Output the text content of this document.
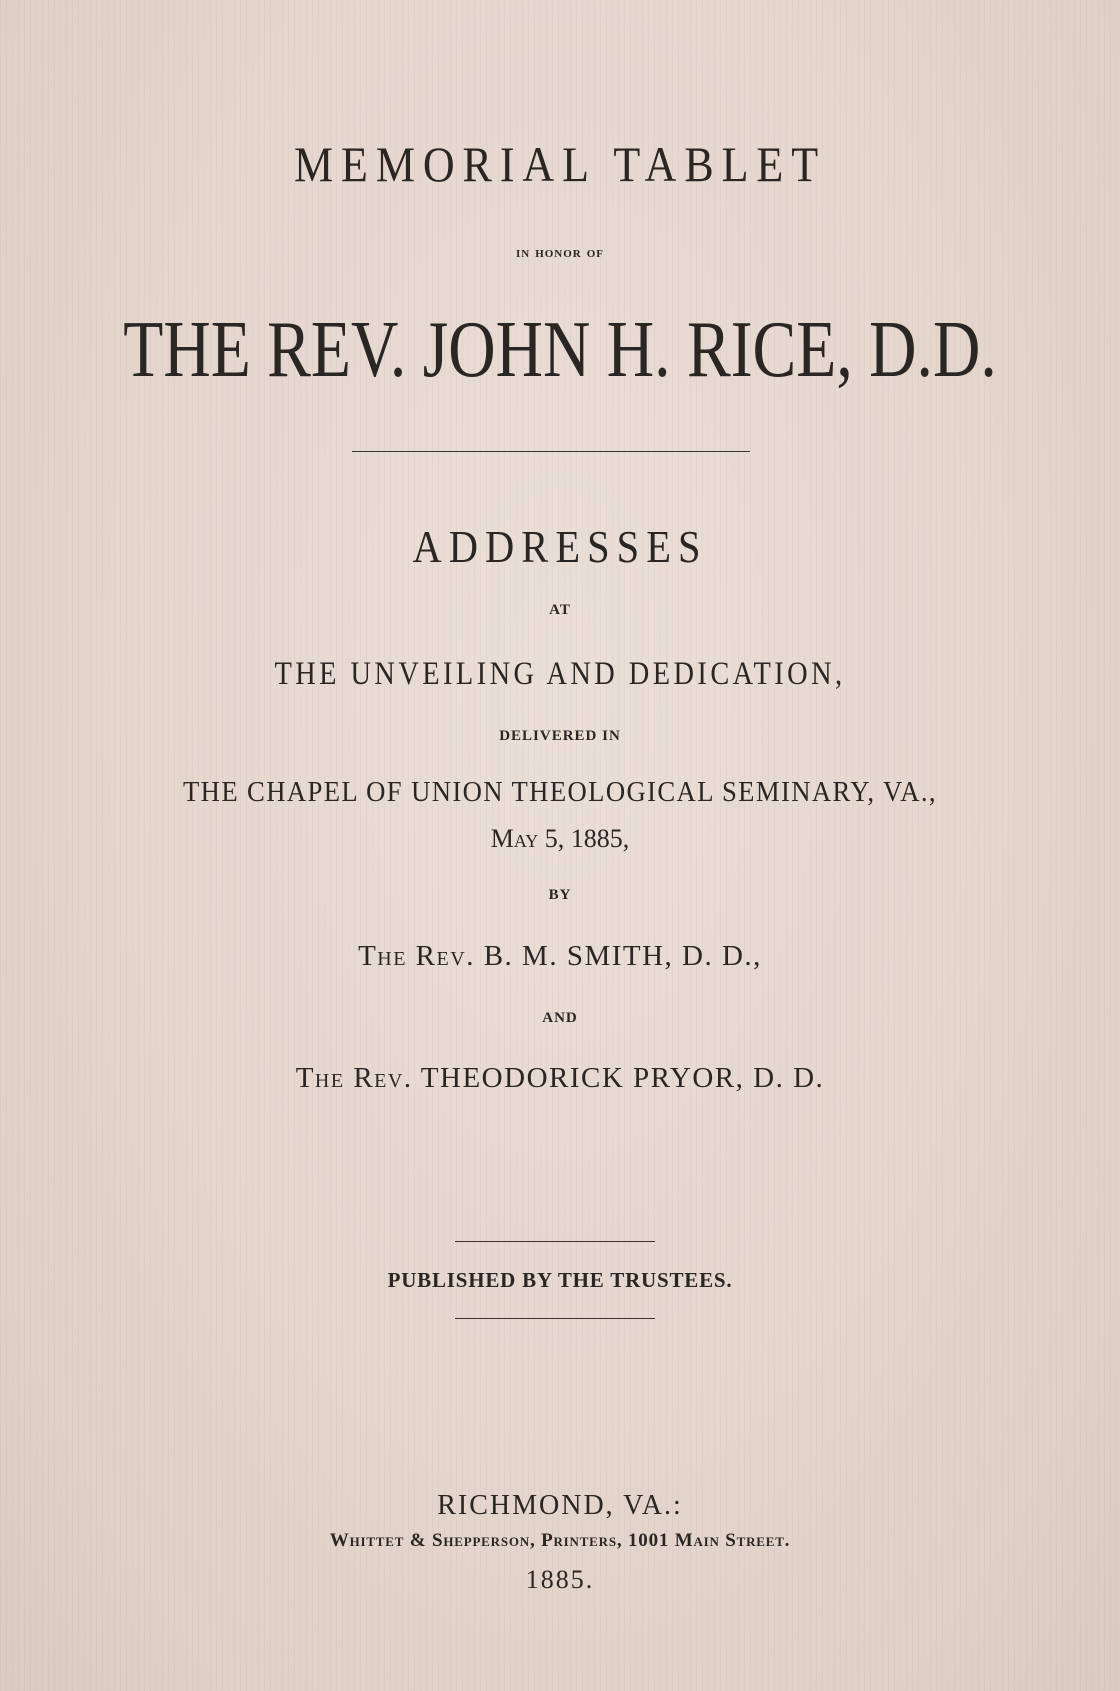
MEMORIAL TABLET

in honor of

THE REV. JOHN H. RICE, D.D.

ADDRESSES

AT

THE UNVEILING AND DEDICATION,

DELIVERED IN

THE CHAPEL OF UNION THEOLOGICAL SEMINARY, VA.,

May 5, 1885,

BY

The Rev. B. M. SMITH, D. D.,

AND

The Rev. THEODORICK PRYOR, D. D.

PUBLISHED BY THE TRUSTEES.

RICHMOND, VA.:

Whittet & Shepperson, Printers, 1001 Main Street.

1885.
